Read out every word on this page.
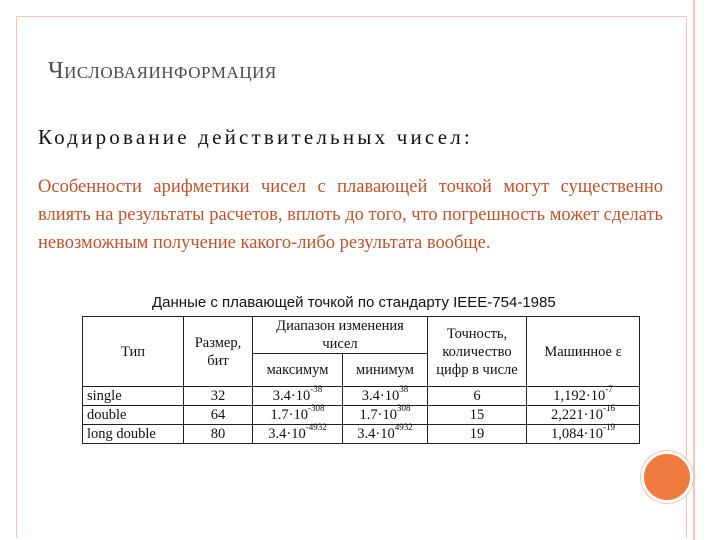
ЧИСЛОВАЯИНФОРМАЦИЯ
Кодирование действительных чисел:
Особенности арифметики чисел с плавающей точкой могут существенно влиять на результаты расчетов, вплоть до того, что погрешность может сделать невозможным получение какого-либо результата вообще.
Данные с плавающей точкой по стандарту IEEE-754-1985
Тип	Размер, бит	Диапазон изменения чисел		Точность, количество цифр в числе	Машинное ε
		максимум	минимум		
single	32	$3.4\cdot 10^{-38}$	$3.4\cdot 10^{38}$	6	$1,192\cdot 10^{-7}$
double	64	$1.7\cdot 10^{-308}$	$1.7\cdot 10^{308}$	15	$2,221\cdot 10^{-16}$
long double	80	$3.4\cdot 10^{-4932}$	$3.4\cdot 10^{4932}$	19	$1,084\cdot 10^{-19}$
